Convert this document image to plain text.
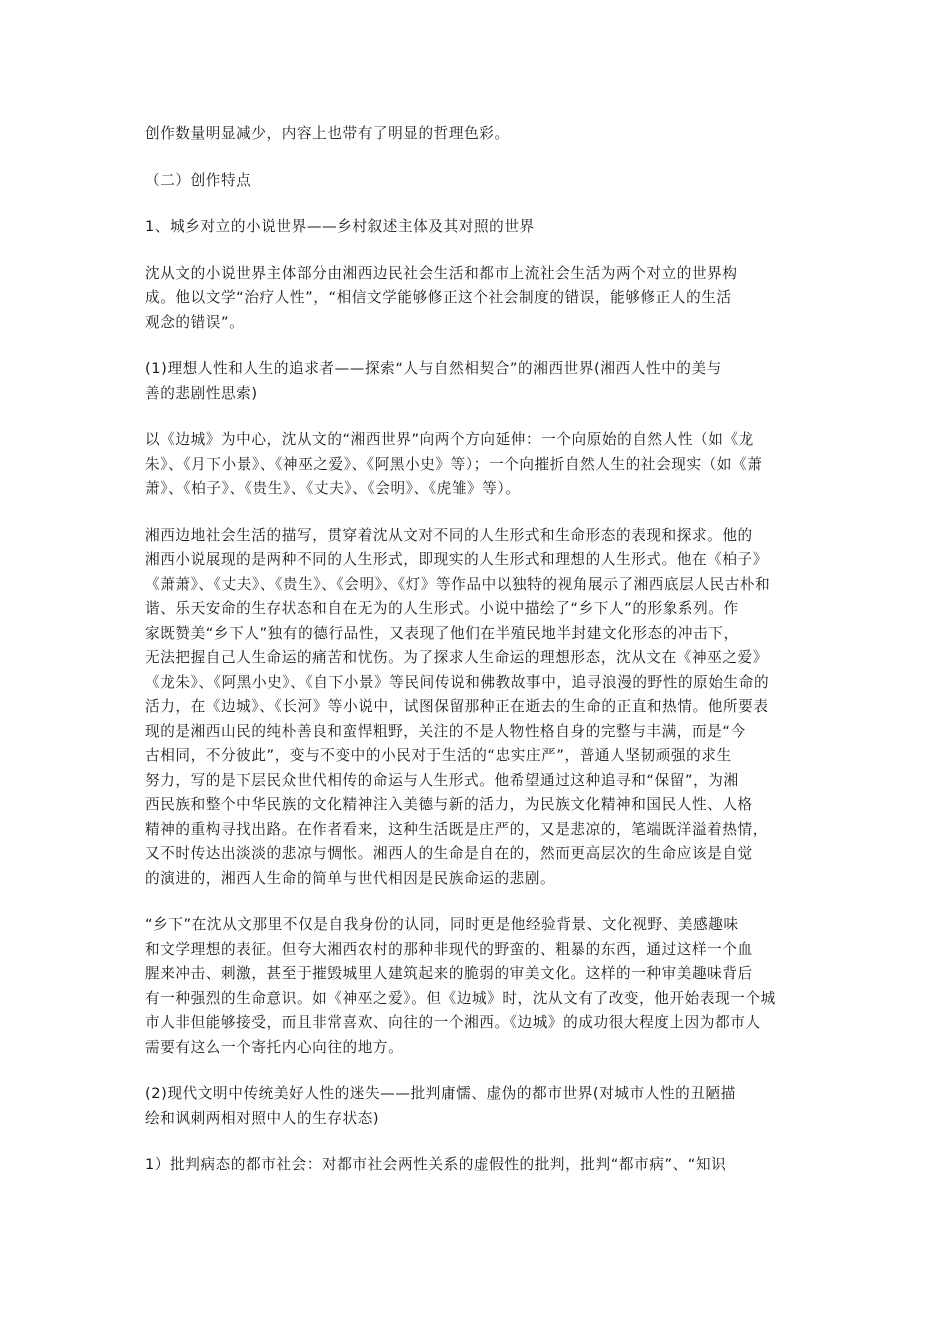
创作数量明显减少，内容上也带有了明显的哲理色彩。

（二）创作特点

1、城乡对立的小说世界——乡村叙述主体及其对照的世界

沈从文的小说世界主体部分由湘西边民社会生活和都市上流社会生活为两个对立的世界构
成。他以文学“治疗人性”，“相信文学能够修正这个社会制度的错误，能够修正人的生活
观念的错误”。

(1)理想人性和人生的追求者——探索“人与自然相契合”的湘西世界(湘西人性中的美与
善的悲剧性思索)

以《边城》为中心，沈从文的“湘西世界”向两个方向延伸：一个向原始的自然人性（如《龙
朱》、《月下小景》、《神巫之爱》、《阿黑小史》等）；一个向摧折自然人生的社会现实（如《萧
萧》、《柏子》、《贵生》、《丈夫》、《会明》、《虎雏》等）。

湘西边地社会生活的描写，贯穿着沈从文对不同的人生形式和生命形态的表现和探求。他的
湘西小说展现的是两种不同的人生形式，即现实的人生形式和理想的人生形式。他在《柏子》
《萧萧》、《丈夫》、《贵生》、《会明》、《灯》等作品中以独特的视角展示了湘西底层人民古朴和
谐、乐天安命的生存状态和自在无为的人生形式。小说中描绘了“乡下人”的形象系列。作
家既赞美“乡下人”独有的德行品性，又表现了他们在半殖民地半封建文化形态的冲击下，
无法把握自己人生命运的痛苦和忧伤。为了探求人生命运的理想形态，沈从文在《神巫之爱》
《龙朱》、《阿黑小史》、《自下小景》等民间传说和佛教故事中，追寻浪漫的野性的原始生命的
活力，在《边城》、《长河》等小说中，试图保留那种正在逝去的生命的正直和热情。他所要表
现的是湘西山民的纯朴善良和蛮悍粗野，关注的不是人物性格自身的完整与丰满，而是“今
古相同，不分彼此”，变与不变中的小民对于生活的“忠实庄严”，普通人坚韧顽强的求生
努力，写的是下层民众世代相传的命运与人生形式。他希望通过这种追寻和“保留”，为湘
西民族和整个中华民族的文化精神注入美德与新的活力，为民族文化精神和国民人性、人格
精神的重构寻找出路。在作者看来，这种生活既是庄严的，又是悲凉的，笔端既洋溢着热情，
又不时传达出淡淡的悲凉与惆怅。湘西人的生命是自在的，然而更高层次的生命应该是自觉
的演进的，湘西人生命的简单与世代相因是民族命运的悲剧。

“乡下”在沈从文那里不仅是自我身份的认同，同时更是他经验背景、文化视野、美感趣味
和文学理想的表征。但夸大湘西农村的那种非现代的野蛮的、粗暴的东西，通过这样一个血
腥来冲击、刺激，甚至于摧毁城里人建筑起来的脆弱的审美文化。这样的一种审美趣味背后
有一种强烈的生命意识。如《神巫之爱》。但《边城》时，沈从文有了改变，他开始表现一个城
市人非但能够接受，而且非常喜欢、向往的一个湘西。《边城》的成功很大程度上因为都市人
需要有这么一个寄托内心向往的地方。

(2)现代文明中传统美好人性的迷失——批判庸懦、虚伪的都市世界(对城市人性的丑陋描
绘和讽刺两相对照中人的生存状态)

1）批判病态的都市社会：对都市社会两性关系的虚假性的批判，批判“都市病”、“知识
